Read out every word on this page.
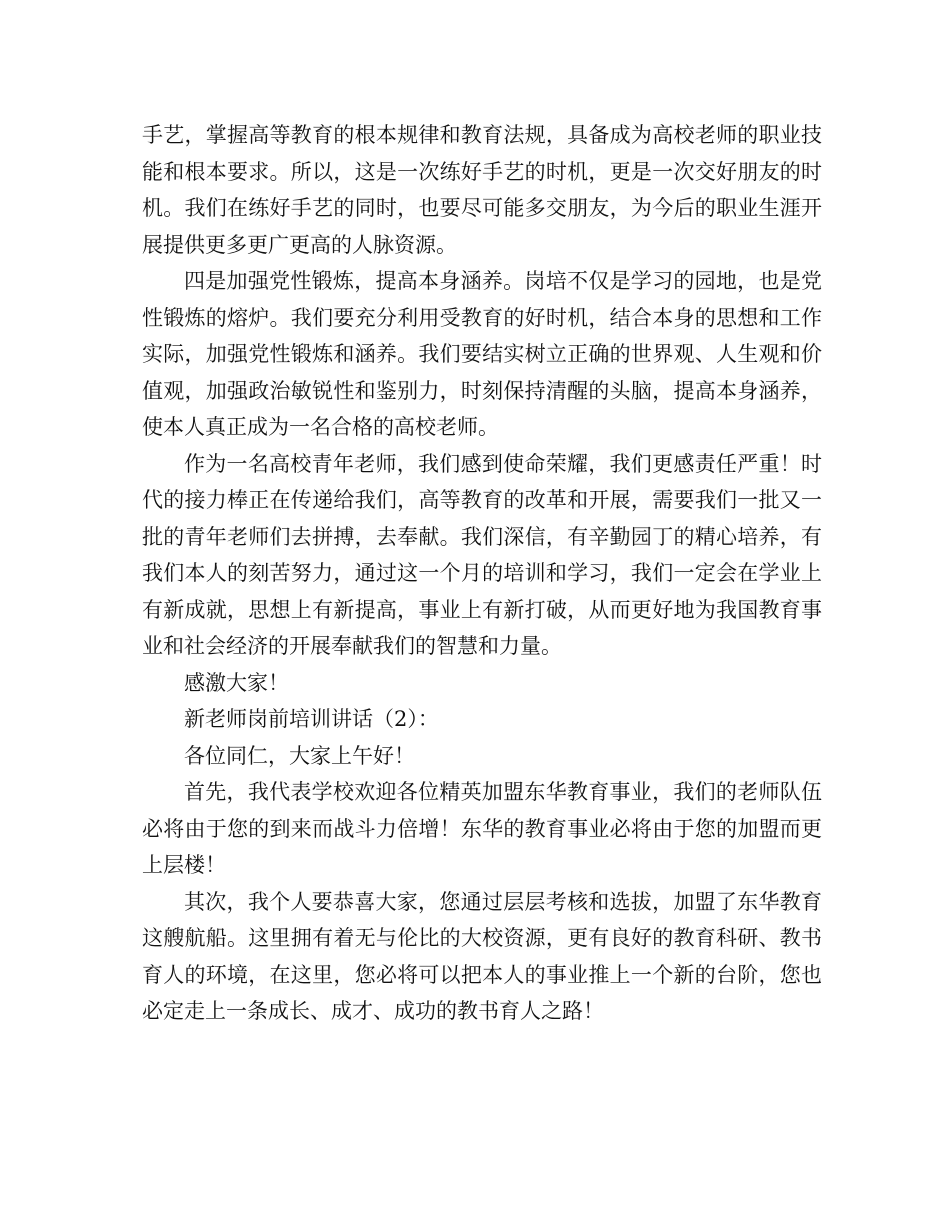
手艺，掌握高等教育的根本规律和教育法规，具备成为高校老师的职业技能和根本要求。所以，这是一次练好手艺的时机，更是一次交好朋友的时机。我们在练好手艺的同时，也要尽可能多交朋友，为今后的职业生涯开展提供更多更广更高的人脉资源。

四是加强党性锻炼，提高本身涵养。岗培不仅是学习的园地，也是党性锻炼的熔炉。我们要充分利用受教育的好时机，结合本身的思想和工作实际，加强党性锻炼和涵养。我们要结实树立正确的世界观、人生观和价值观，加强政治敏锐性和鉴别力，时刻保持清醒的头脑，提高本身涵养，使本人真正成为一名合格的高校老师。

作为一名高校青年老师，我们感到使命荣耀，我们更感责任严重！时代的接力棒正在传递给我们，高等教育的改革和开展，需要我们一批又一批的青年老师们去拼搏，去奉献。我们深信，有辛勤园丁的精心培养，有我们本人的刻苦努力，通过这一个月的培训和学习，我们一定会在学业上有新成就，思想上有新提高，事业上有新打破，从而更好地为我国教育事业和社会经济的开展奉献我们的智慧和力量。

感激大家！

新老师岗前培训讲话（2）：

各位同仁，大家上午好！

首先，我代表学校欢迎各位精英加盟东华教育事业，我们的老师队伍必将由于您的到来而战斗力倍增！东华的教育事业必将由于您的加盟而更上层楼！

其次，我个人要恭喜大家，您通过层层考核和选拔，加盟了东华教育这艘航船。这里拥有着无与伦比的大校资源，更有良好的教育科研、教书育人的环境，在这里，您必将可以把本人的事业推上一个新的台阶，您也必定走上一条成长、成才、成功的教书育人之路！
